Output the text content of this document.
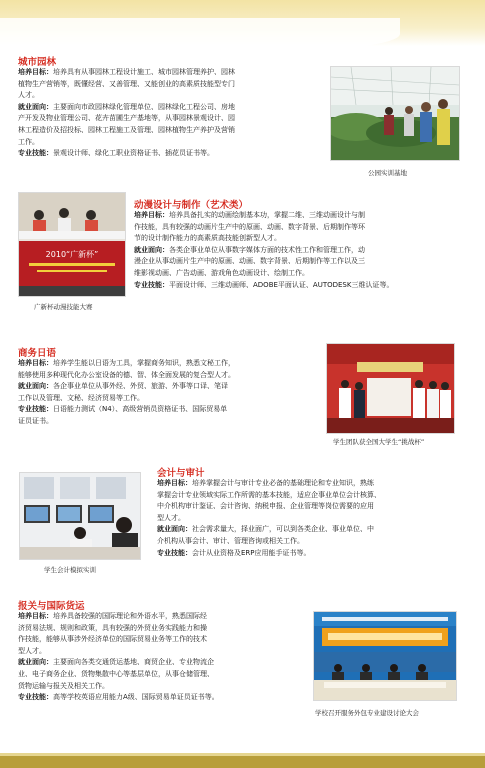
城市园林
培养目标：培养具有从事园林工程设计施工、城市园林管理养护、园林
植物生产营销等，既懂经营、又善管理、又能创业的高素质技能型专门
人才。
就业面向：主要面向市政园林绿化管理单位、园林绿化工程公司、房地
产开发及物业管理公司、花卉苗圃生产基地等，从事园林景观设计、园
林工程造价及招投标、园林工程施工及管理、园林植物生产养护及营销
工作。
专业技能：景观设计师、绿化工职业资格证书、插花员证书等。
公园实训基地
2010“广新杯”
广新杯动漫技能大赛
动漫设计与制作（艺术类）
培养目标：培养具备扎实的动画绘制基本功，掌握二维、三维动画设计与制
作技能，具有较强的动画片生产中的原画、动画、数字背景、后期制作等环
节的设计制作能力的高素质高技能创新型人才。
就业面向：各类企事业单位从事数字媒体方面的技术性工作和管理工作，动
漫企业从事动画片生产中的原画、动画、数字背景、后期制作等工作以及三
维影视动画、广告动画、游戏角色动画设计、绘制工作。
专业技能：平面设计师、三维动画师、ADOBE平面认证、AUTODESK三维认证等。
商务日语
培养目标：培养学生能以日语为工具，掌握商务知识，熟悉文秘工作，
能够使用多种现代化办公室设备的德、智、体全面发展的复合型人才。
就业面向：各企事业单位从事外经、外贸、旅游、外事等口译、笔译
工作以及管理、文秘、经济贸易等工作。
专业技能：日语能力测试（N4）、高级营销员资格证书、国际贸易单
证员证书。
学生团队获全国大学生“挑战杯”
学生会计模拟实训
会计与审计
培养目标：培养掌握会计与审计专业必备的基础理论和专业知识，熟练
掌握会计专业领域实际工作所需的基本技能，适应企事业单位会计核算、
中介机构审计鉴证、会计咨询、纳税申报、企业管理等岗位需要的应用
型人才。
就业面向：社会需求量大，择业面广，可以到各类企业、事业单位、中
介机构从事会计、审计、管理咨询或相关工作。
专业技能：会计从业资格及ERP应用能手证书等。
报关与国际货运
培养目标：培养具备较强的国际理论和外语水平，熟悉国际经
济贸易法规、规则和政策，具有较强的外贸业务实践能力和操
作技能，能够从事涉外经济单位的国际贸易业务等工作的技术
型人才。
就业面向：主要面向各类交通货运基地、商贸企业、专业物流企
业、电子商务企业、货物集散中心等基层单位，从事仓储管理、
货物运输与报关及相关工作。
专业技能：高等学校英语应用能力A级、国际贸易单证员证书等。
学校召开服务外包专业建设讨论大会
